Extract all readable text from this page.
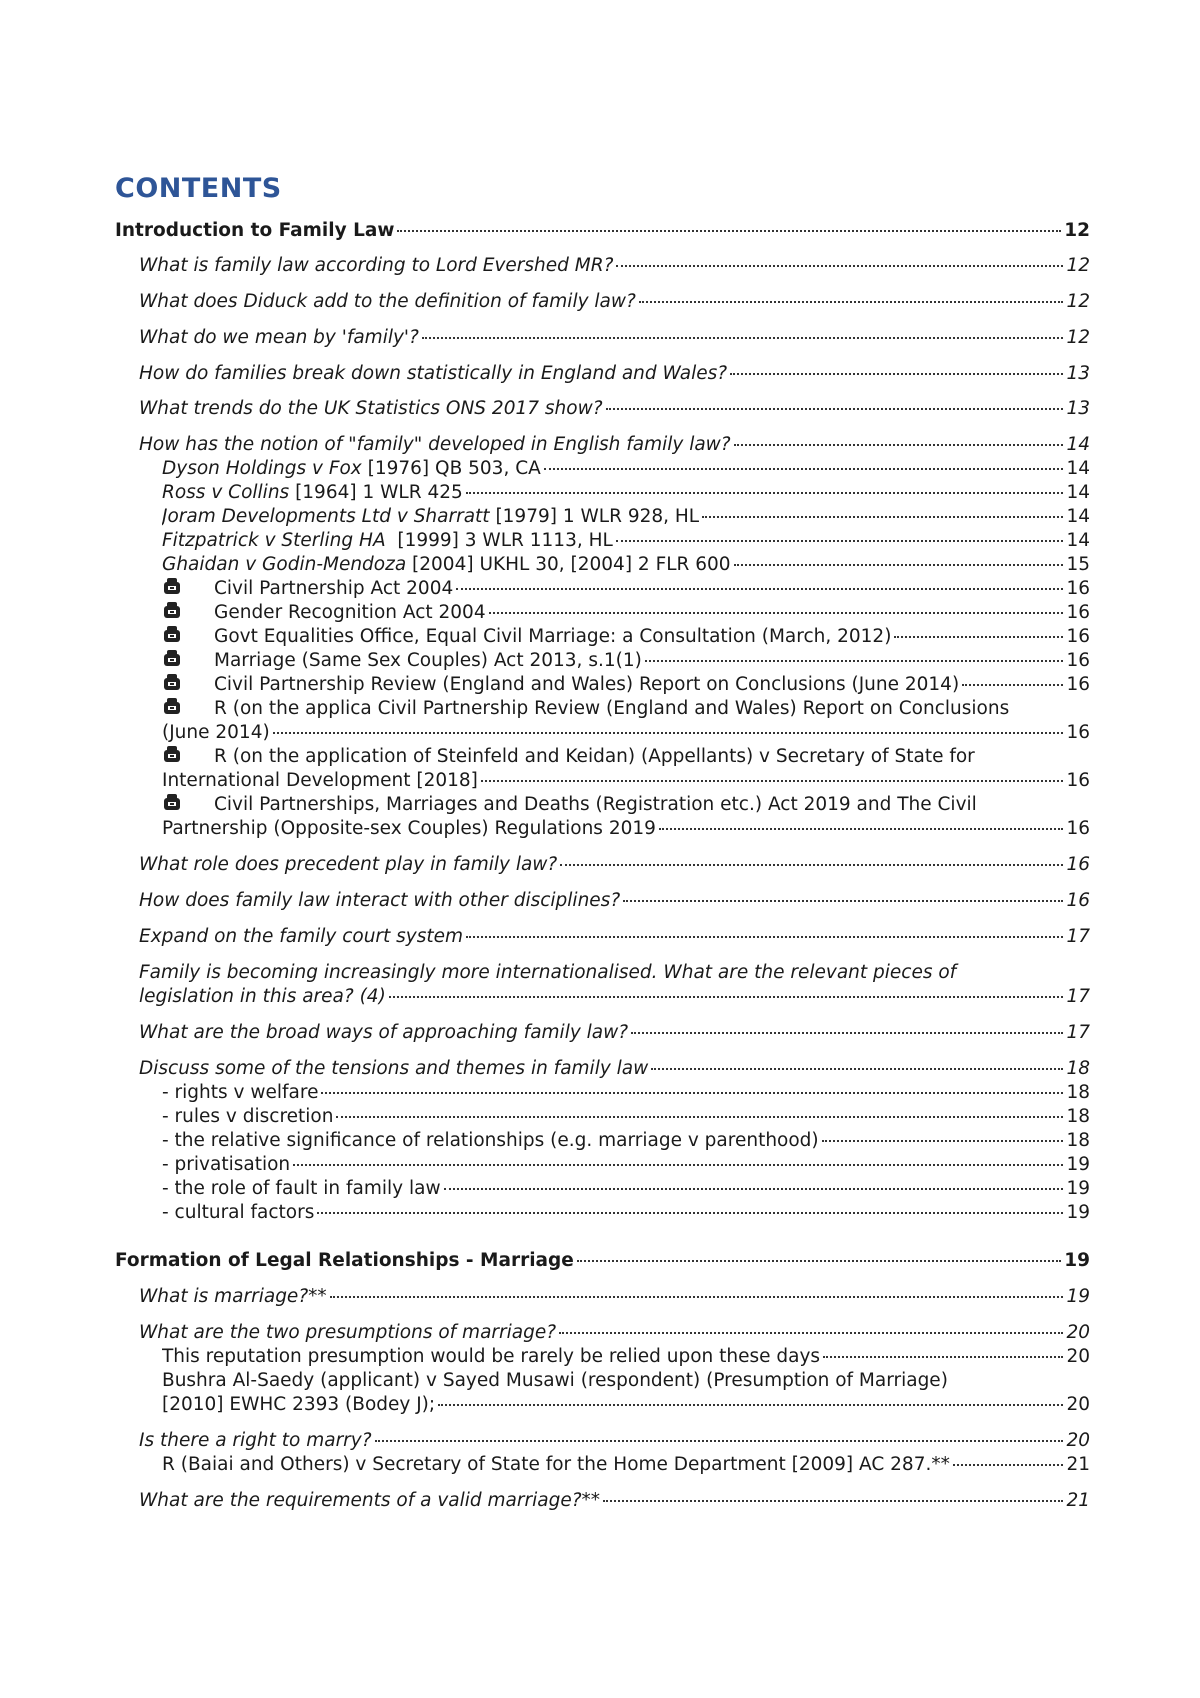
CONTENTS
Introduction to Family Law	12
What is family law according to Lord Evershed MR?	12
What does Diduck add to the definition of family law?	12
What do we mean by 'family'?	12
How do families break down statistically in England and Wales?	13
What trends do the UK Statistics ONS 2017 show?	13
How has the notion of "family" developed in English family law?	14
Dyson Holdings v Fox [1976] QB 503, CA	14
Ross v Collins [1964] 1 WLR 425	14
Joram Developments Ltd v Sharratt [1979] 1 WLR 928, HL	14
Fitzpatrick v Sterling HA  [1999] 3 WLR 1113, HL	14
Ghaidan v Godin-Mendoza [2004] UKHL 30, [2004] 2 FLR 600	15
Civil Partnership Act 2004	16
Gender Recognition Act 2004	16
Govt Equalities Office, Equal Civil Marriage: a Consultation (March, 2012)	16
Marriage (Same Sex Couples) Act 2013, s.1(1)	16
Civil Partnership Review (England and Wales) Report on Conclusions (June 2014)	16
R (on the applica Civil Partnership Review (England and Wales) Report on Conclusions
(June 2014)	16
R (on the application of Steinfeld and Keidan) (Appellants) v Secretary of State for
International Development [2018]	16
Civil Partnerships, Marriages and Deaths (Registration etc.) Act 2019 and The Civil
Partnership (Opposite-sex Couples) Regulations 2019	16
What role does precedent play in family law?	16
How does family law interact with other disciplines?	16
Expand on the family court system	17
Family is becoming increasingly more internationalised. What are the relevant pieces of
legislation in this area? (4)	17
What are the broad ways of approaching family law?	17
Discuss some of the tensions and themes in family law	18
- rights v welfare	18
- rules v discretion	18
- the relative significance of relationships (e.g. marriage v parenthood)	18
- privatisation	19
- the role of fault in family law	19
- cultural factors	19
Formation of Legal Relationships - Marriage	19
What is marriage?**	19
What are the two presumptions of marriage?	20
This reputation presumption would be rarely be relied upon these days	20
Bushra Al-Saedy (applicant) v Sayed Musawi (respondent) (Presumption of Marriage)
[2010] EWHC 2393 (Bodey J);	20
Is there a right to marry?	20
R (Baiai and Others) v Secretary of State for the Home Department [2009] AC 287.**	21
What are the requirements of a valid marriage?**	21
